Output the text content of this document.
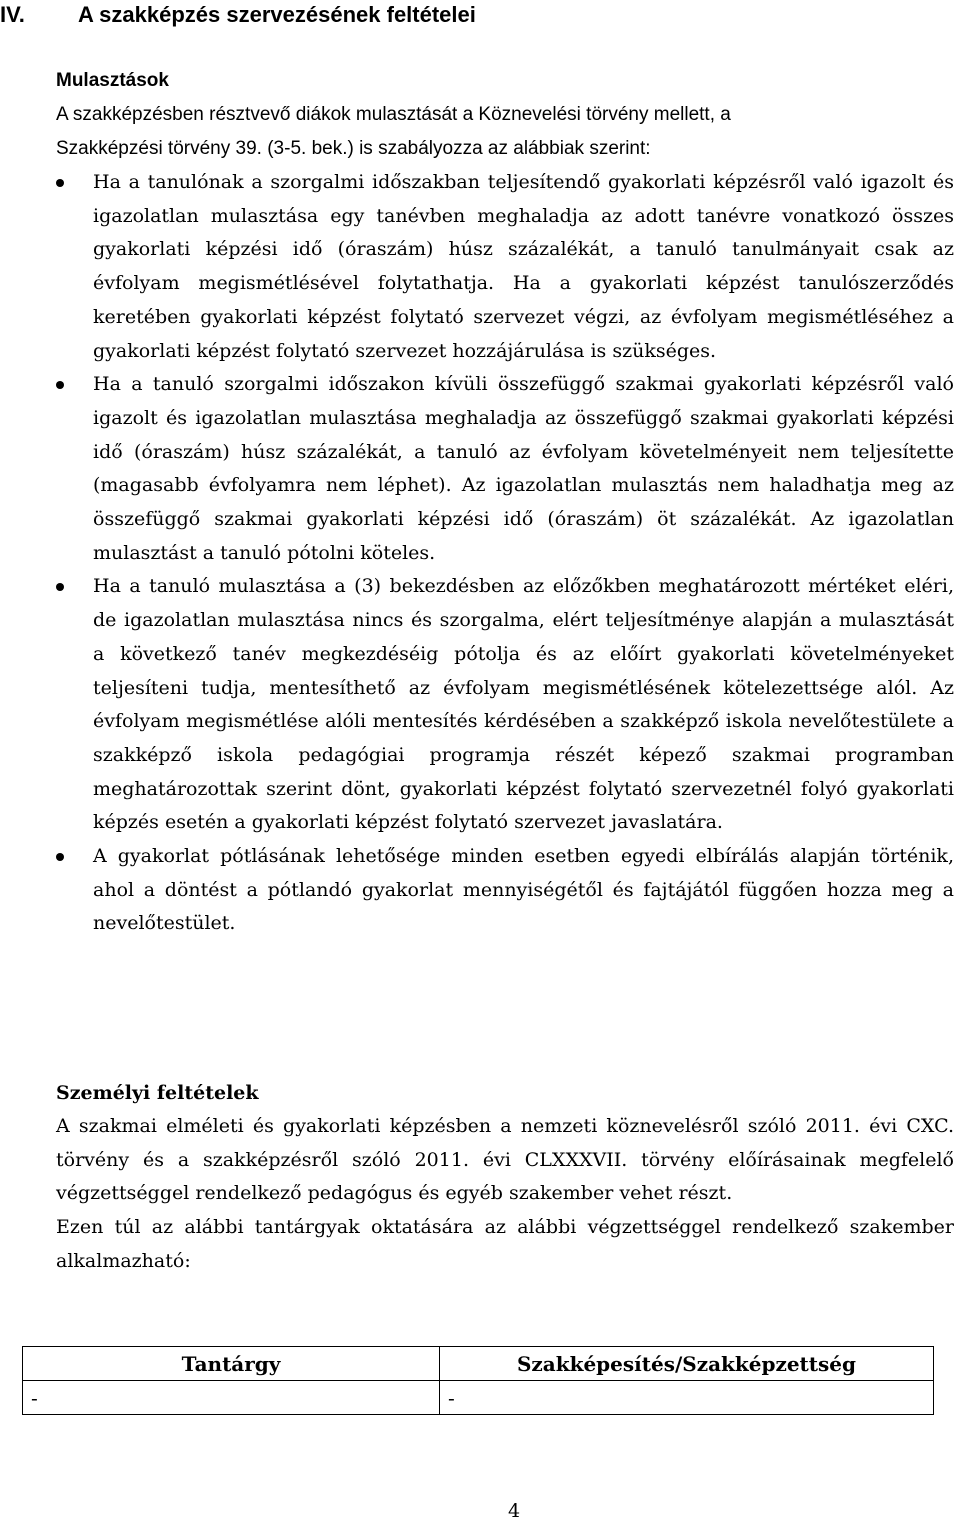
IV. A szakképzés szervezésének feltételei
Mulasztások
A szakképzésben résztvevő diákok mulasztását a Köznevelési törvény mellett, a
Szakképzési törvény 39. (3-5. bek.) is szabályozza az alábbiak szerint:
Ha a tanulónak a szorgalmi időszakban teljesítendő gyakorlati képzésről való igazolt és igazolatlan mulasztása egy tanévben meghaladja az adott tanévre vonatkozó összes gyakorlati képzési idő (óraszám) húsz százalékát, a tanuló tanulmányait csak az évfolyam megismétlésével folytathatja. Ha a gyakorlati képzést tanulószerződés keretében gyakorlati képzést folytató szervezet végzi, az évfolyam megismétléséhez a gyakorlati képzést folytató szervezet hozzájárulása is szükséges.
Ha a tanuló szorgalmi időszakon kívüli összefüggő szakmai gyakorlati képzésről való igazolt és igazolatlan mulasztása meghaladja az összefüggő szakmai gyakorlati képzési idő (óraszám) húsz százalékát, a tanuló az évfolyam követelményeit nem teljesítette (magasabb évfolyamra nem léphet). Az igazolatlan mulasztás nem haladhatja meg az összefüggő szakmai gyakorlati képzési idő (óraszám) öt százalékát. Az igazolatlan mulasztást a tanuló pótolni köteles.
Ha a tanuló mulasztása a (3) bekezdésben az előzőkben meghatározott mértéket eléri, de igazolatlan mulasztása nincs és szorgalma, elért teljesítménye alapján a mulasztását a következő tanév megkezdéséig pótolja és az előírt gyakorlati követelményeket teljesíteni tudja, mentesíthető az évfolyam megismétlésének kötelezettsége alól. Az évfolyam megismétlése alóli mentesítés kérdésében a szakképző iskola nevelőtestülete a szakképző iskola pedagógiai programja részét képező szakmai programban meghatározottak szerint dönt, gyakorlati képzést folytató szervezetnél folyó gyakorlati képzés esetén a gyakorlati képzést folytató szervezet javaslatára.
A gyakorlat pótlásának lehetősége minden esetben egyedi elbírálás alapján történik, ahol a döntést a pótlandó gyakorlat mennyiségétől és fajtájától függően hozza meg a nevelőtestület.
Személyi feltételek
A szakmai elméleti és gyakorlati képzésben a nemzeti köznevelésről szóló 2011. évi CXC. törvény és a szakképzésről szóló 2011. évi CLXXXVII. törvény előírásainak megfelelő végzettséggel rendelkező pedagógus és egyéb szakember vehet részt.
Ezen túl az alábbi tantárgyak oktatására az alábbi végzettséggel rendelkező szakember alkalmazható:
Tantárgy	Szakképesítés/Szakképzettség
-	-
4
